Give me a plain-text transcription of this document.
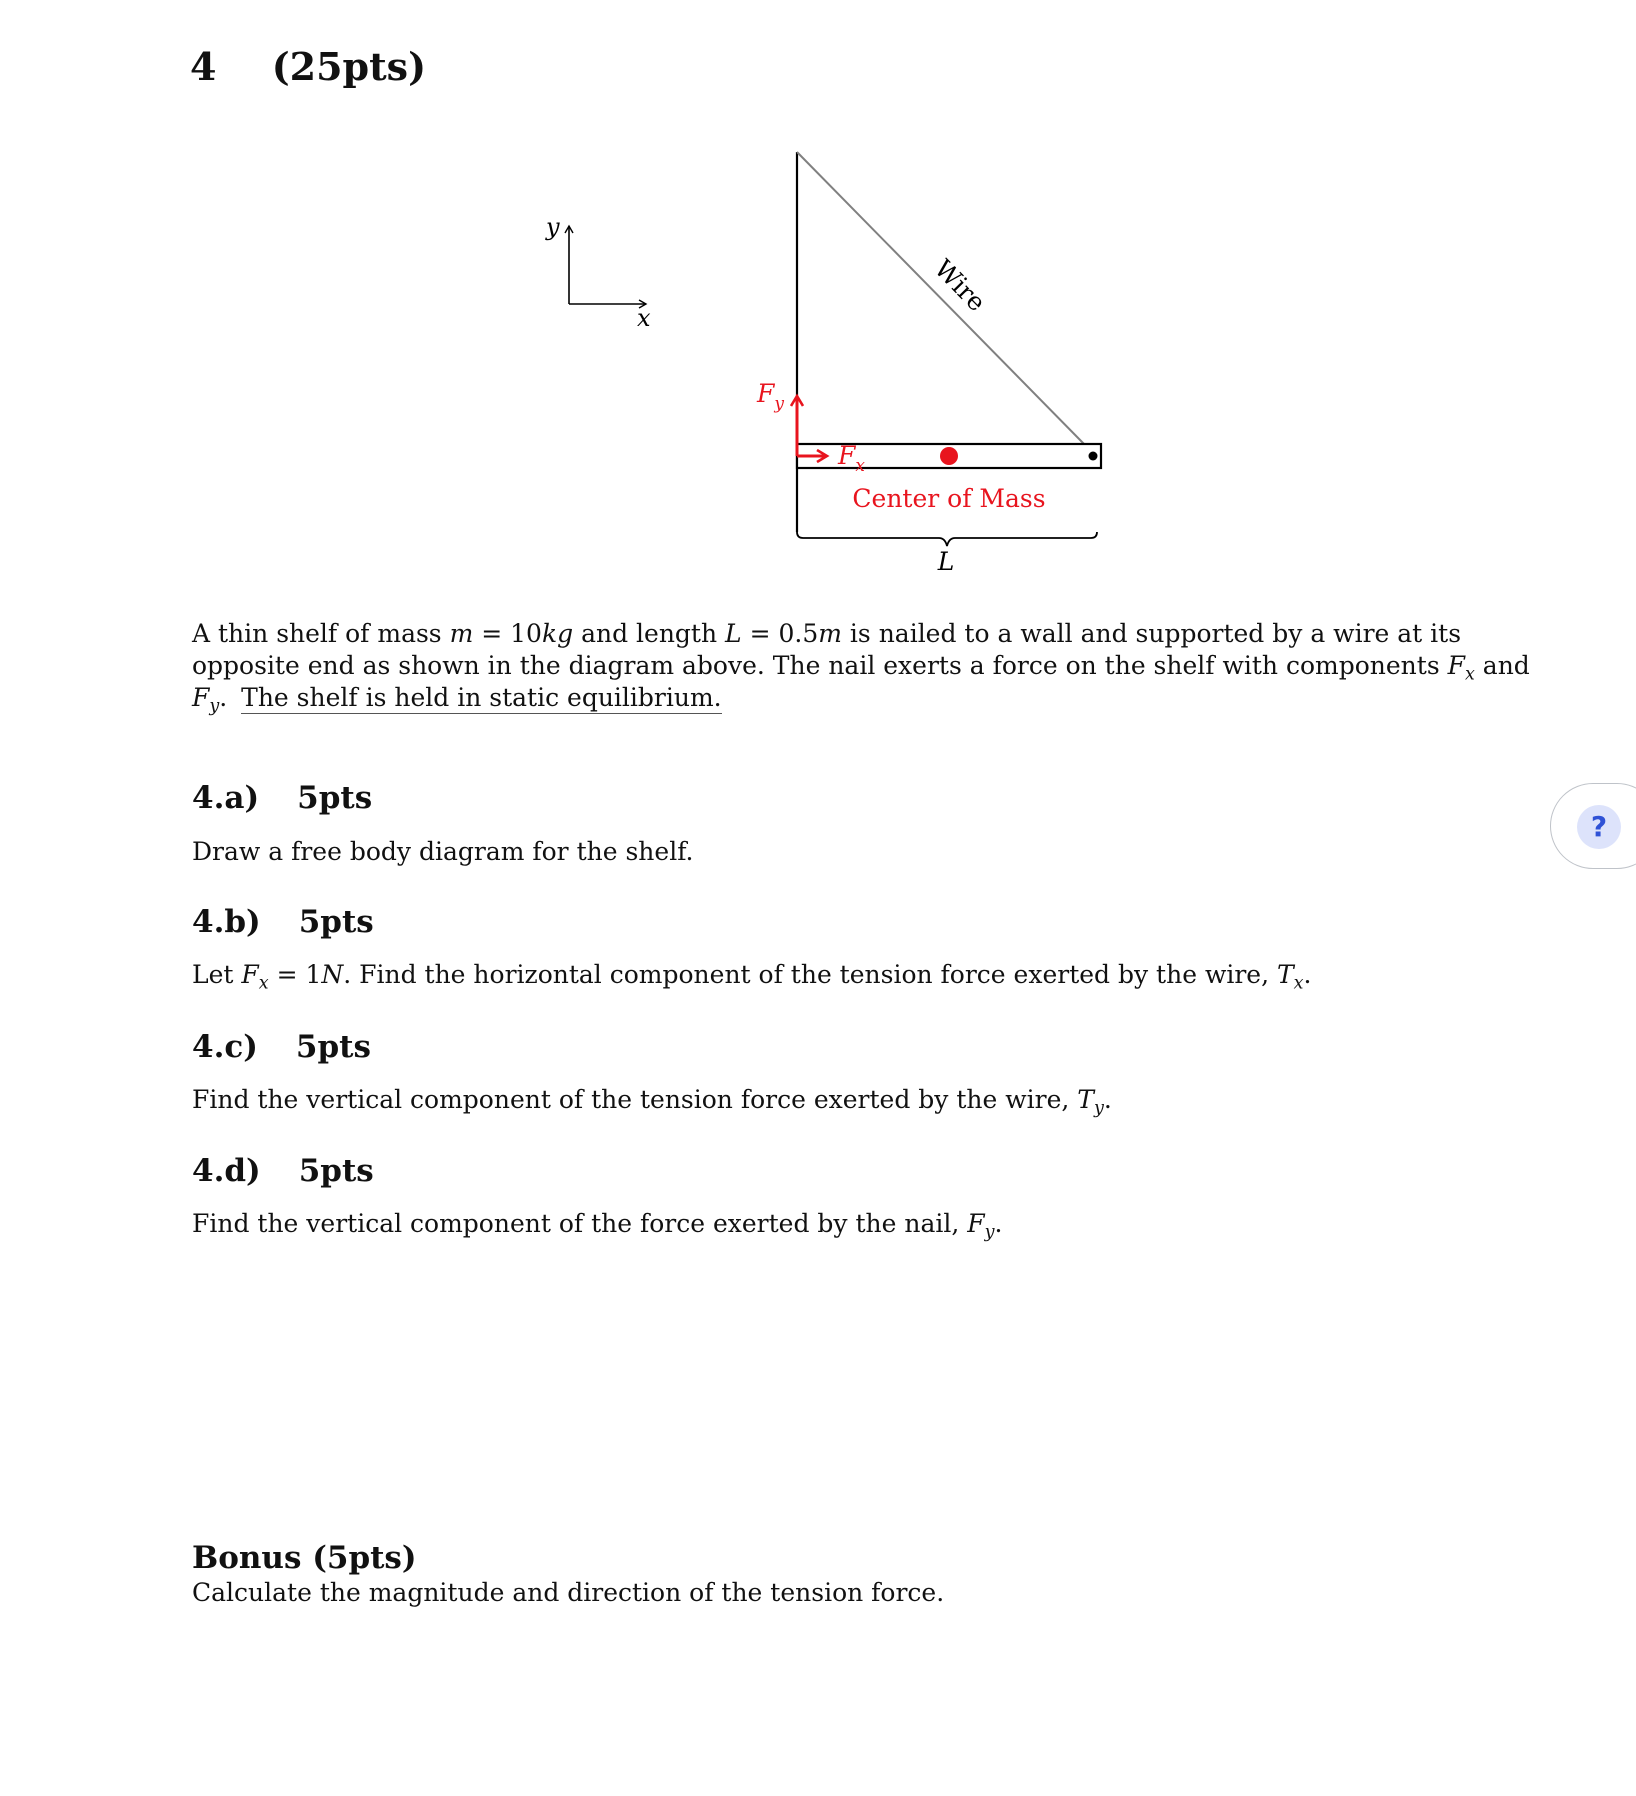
4 (25pts)
y
x
Wire
$F_y$
$F_x$
Center of Mass
L
A thin shelf of mass m = 10kg and length L = 0.5m is nailed to a wall and supported by a wire at its
opposite end as shown in the diagram above. The nail exerts a force on the shelf with components $F_x$ and
$F_y$. The shelf is held in static equilibrium.
4.a) 5pts
Draw a free body diagram for the shelf.
4.b) 5pts
Let $F_x = 1N$. Find the horizontal component of the tension force exerted by the wire, $T_x$.
4.c) 5pts
Find the vertical component of the tension force exerted by the wire, $T_y$.
4.d) 5pts
Find the vertical component of the force exerted by the nail, $F_y$.
Bonus (5pts)
Calculate the magnitude and direction of the tension force.
?
